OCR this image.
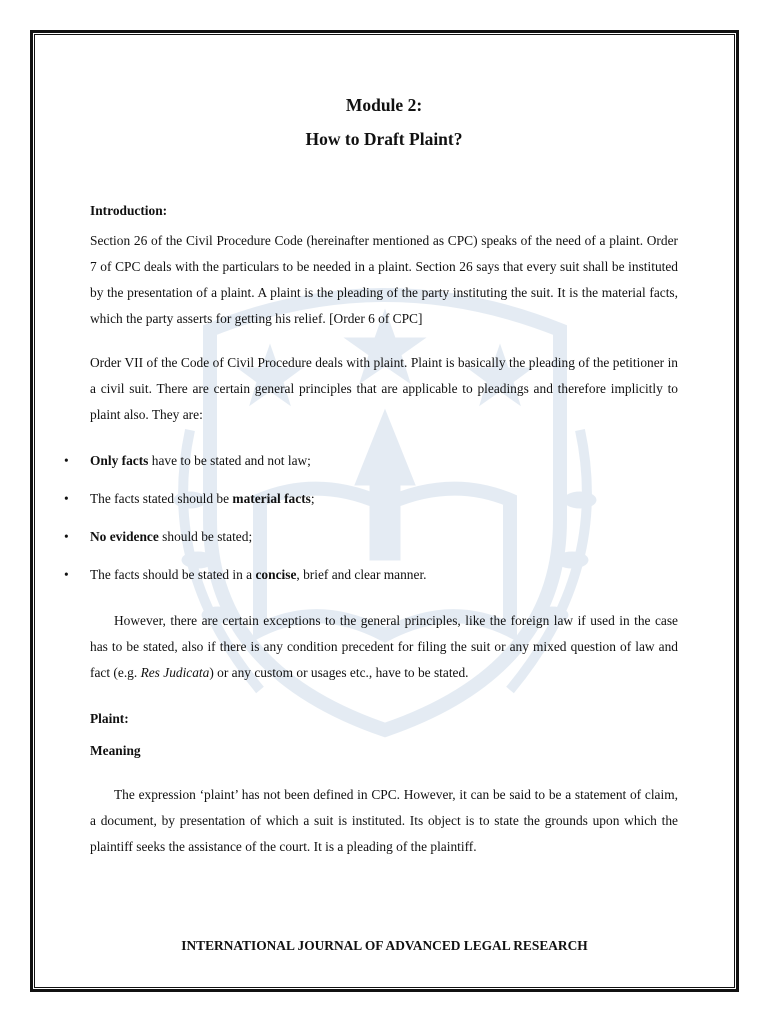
Module 2:

How to Draft Plaint?

Introduction:

Section 26 of the Civil Procedure Code (hereinafter mentioned as CPC) speaks of the need of a plaint. Order 7 of CPC deals with the particulars to be needed in a plaint. Section 26 says that every suit shall be instituted by the presentation of a plaint. A plaint is the pleading of the party instituting the suit. It is the material facts, which the party asserts for getting his relief. [Order 6 of CPC]

Order VII of the Code of Civil Procedure deals with plaint. Plaint is basically the pleading of the petitioner in a civil suit. There are certain general principles that are applicable to pleadings and therefore implicitly to plaint also. They are:

• Only facts have to be stated and not law;
• The facts stated should be material facts;
• No evidence should be stated;
• The facts should be stated in a concise, brief and clear manner.

However, there are certain exceptions to the general principles, like the foreign law if used in the case has to be stated, also if there is any condition precedent for filing the suit or any mixed question of law and fact (e.g. Res Judicata) or any custom or usages etc., have to be stated.

Plaint:

Meaning

The expression ‘plaint’ has not been defined in CPC. However, it can be said to be a statement of claim, a document, by presentation of which a suit is instituted. Its object is to state the grounds upon which the plaintiff seeks the assistance of the court. It is a pleading of the plaintiff.

INTERNATIONAL JOURNAL OF ADVANCED LEGAL RESEARCH
